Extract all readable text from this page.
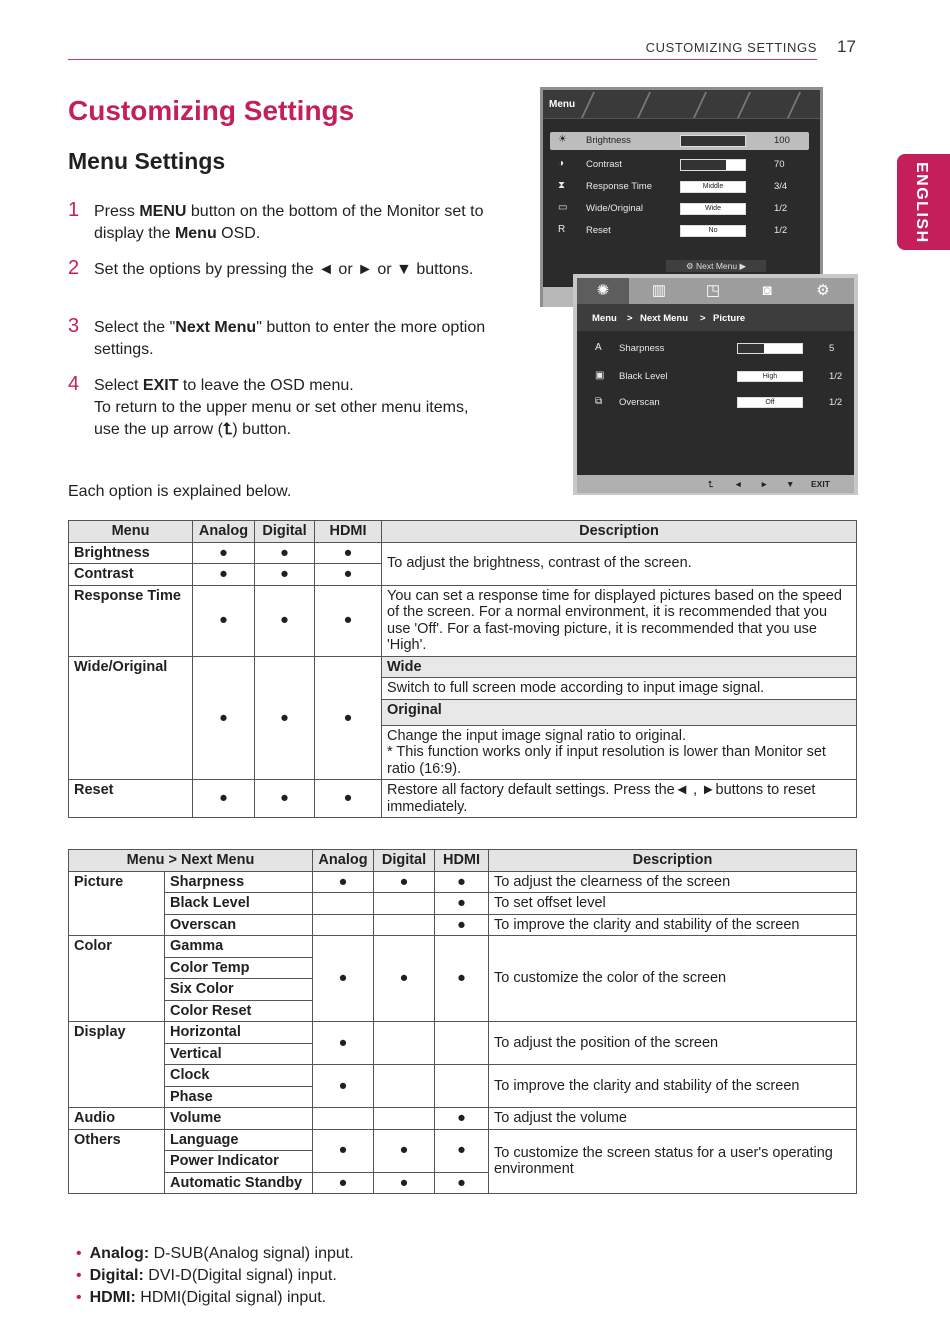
CUSTOMIZING SETTINGS 17
ENGLISH
Customizing Settings
Menu Settings
1 Press MENU button on the bottom of the Monitor set to display the Menu OSD.
2 Set the options by pressing the ◄ or ► or ▼ buttons.
3 Select the "Next Menu" button to enter the more option settings.
4 Select EXIT to leave the OSD menu.
To return to the upper menu or set other menu items, use the up arrow (⮤) button.
Each option is explained below.
Menu
☀ Brightness	100
◑ Contrast	70
⧗ Response Time	Middle	3/4
▭ Wide/Original	Wide	1/2
R Reset	No	1/2
⚙ Next Menu ▶
✺	▥	◳	◙	⚙
Menu > Next Menu > Picture
A Sharpness	5
▣ Black Level	High	1/2
⧉ Overscan	Off	1/2
⮤ ◄ ► ▼ EXIT
Menu	Analog	Digital	HDMI	Description
Brightness	●	●	●	To adjust the brightness, contrast of the screen.
Contrast	●	●	●	
Response Time	●	●	●	You can set a response time for displayed pictures based on the speed of the screen. For a normal environment, it is recommended that you use 'Off'. For a fast-moving picture, it is recommended that you use 'High'.
Wide/Original	●	●	●	Wide
				Switch to full screen mode according to input image signal.
				Original
				Change the input image signal ratio to original.
* This function works only if input resolution is lower than Monitor set ratio (16:9).
Reset	●	●	●	Restore all factory default settings. Press the◄ , ►buttons to reset immediately.
Menu > Next Menu		Analog	Digital	HDMI	Description
Picture	Sharpness	●	●	●	To adjust the clearness of the screen
	Black Level			●	To set offset level
	Overscan			●	To improve the clarity and stability of the screen
Color	Gamma	●	●	●	To customize the color of the screen
	Color Temp				
	Six Color				
	Color Reset				
Display	Horizontal	●			To adjust the position of the screen
	Vertical				
	Clock	●			To improve the clarity and stability of the screen
	Phase				
Audio	Volume			●	To adjust the volume
Others	Language	●	●	●	To customize the screen status for a user's operating environment
	Power Indicator				
	Automatic Standby	●	●	●	
• Analog: D-SUB(Analog signal) input.
• Digital: DVI-D(Digital signal) input.
• HDMI: HDMI(Digital signal) input.
